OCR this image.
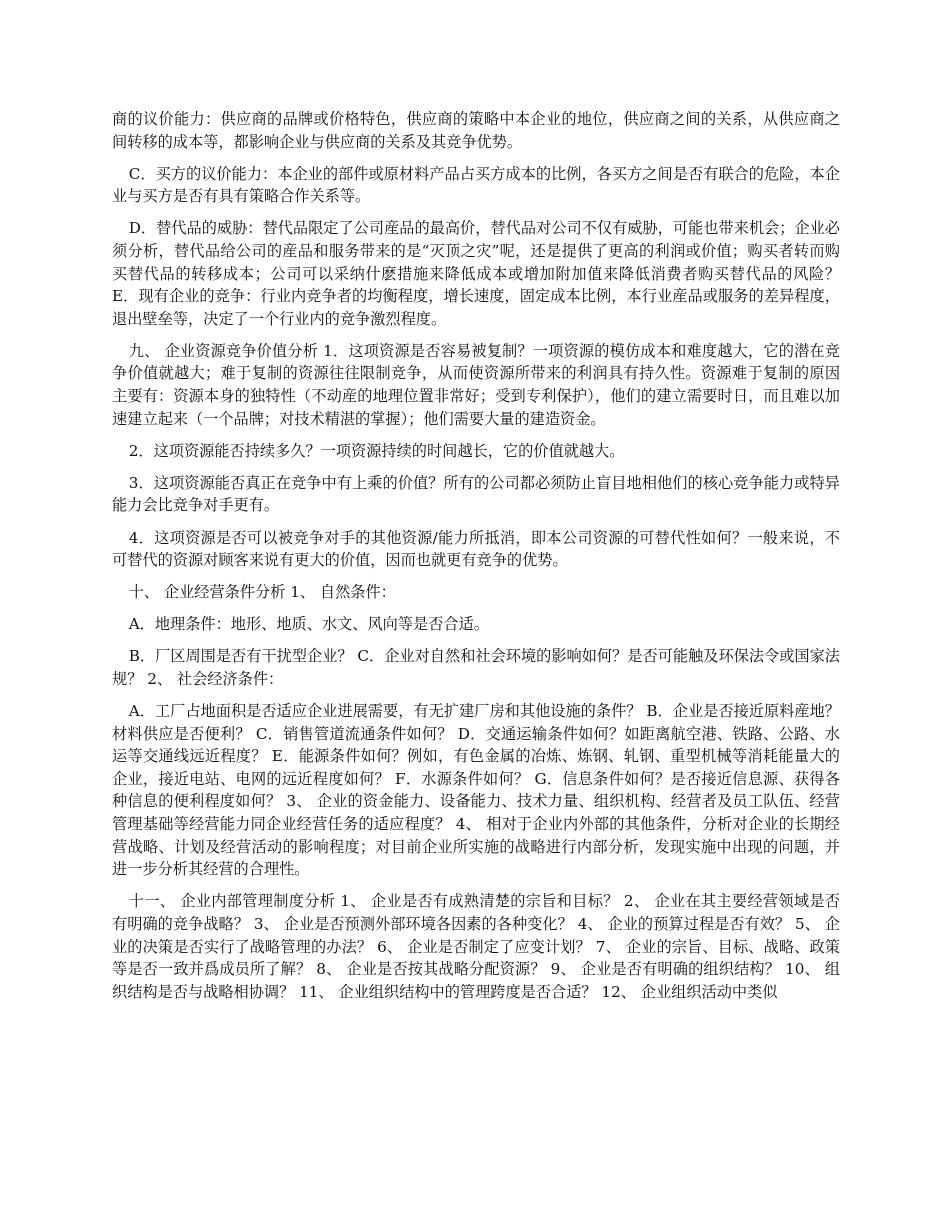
商的议价能力：供应商的品牌或价格特色，供应商的策略中本企业的地位，供应商之间的关系，从供应商之间转移的成本等，都影响企业与供应商的关系及其竞争优势。

C．买方的议价能力：本企业的部件或原材料产品占买方成本的比例，各买方之间是否有联合的危险，本企业与买方是否有具有策略合作关系等。

D．替代品的威胁：替代品限定了公司産品的最高价，替代品对公司不仅有威胁，可能也带来机会；企业必须分析，替代品给公司的産品和服务带来的是“灭顶之灾”呢，还是提供了更高的利润或价值；购买者转而购买替代品的转移成本；公司可以采纳什麽措施来降低成本或增加附加值来降低消费者购买替代品的风险？ E．现有企业的竞争：行业内竞争者的均衡程度，增长速度，固定成本比例，本行业産品或服务的差异程度，退出壁垒等，决定了一个行业内的竞争激烈程度。

九、 企业资源竞争价值分析 1．这项资源是否容易被复制？一项资源的模仿成本和难度越大，它的潜在竞争价值就越大；难于复制的资源往往限制竞争，从而使资源所带来的利润具有持久性。资源难于复制的原因主要有：资源本身的独特性（不动産的地理位置非常好；受到专利保护），他们的建立需要时日，而且难以加速建立起来（一个品牌；对技术精湛的掌握）；他们需要大量的建造资金。

2．这项资源能否持续多久？一项资源持续的时间越长，它的价值就越大。

3．这项资源能否真正在竞争中有上乘的价值？所有的公司都必须防止盲目地相他们的核心竞争能力或特异能力会比竞争对手更有。

4．这项资源是否可以被竞争对手的其他资源/能力所抵消，即本公司资源的可替代性如何？一般来说，不可替代的资源对顾客来说有更大的价值，因而也就更有竞争的优势。

十、 企业经营条件分析 1、 自然条件：

A．地理条件：地形、地质、水文、风向等是否合适。

B．厂区周围是否有干扰型企业？ C．企业对自然和社会环境的影响如何？是否可能触及环保法令或国家法规？ 2、 社会经济条件：

A．工厂占地面积是否适应企业进展需要，有无扩建厂房和其他设施的条件？ B．企业是否接近原料産地？材料供应是否便利？ C．销售管道流通条件如何？ D．交通运输条件如何？如距离航空港、铁路、公路、水运等交通线远近程度？ E．能源条件如何？例如，有色金属的冶炼、炼钢、轧钢、重型机械等消耗能量大的企业，接近电站、电网的远近程度如何？ F．水源条件如何？ G．信息条件如何？是否接近信息源、获得各种信息的便利程度如何？ 3、 企业的资金能力、设备能力、技术力量、组织机构、经营者及员工队伍、经营管理基础等经营能力同企业经营任务的适应程度？ 4、 相对于企业内外部的其他条件，分析对企业的长期经营战略、计划及经营活动的影响程度；对目前企业所实施的战略进行内部分析，发现实施中出现的问题，并进一步分析其经营的合理性。

十一、 企业内部管理制度分析 1、 企业是否有成熟清楚的宗旨和目标？ 2、 企业在其主要经营领域是否有明确的竞争战略？ 3、 企业是否预测外部环境各因素的各种变化？ 4、 企业的预算过程是否有效？ 5、 企业的决策是否实行了战略管理的办法？ 6、 企业是否制定了应变计划？ 7、 企业的宗旨、目标、战略、政策等是否一致并爲成员所了解？ 8、 企业是否按其战略分配资源？ 9、 企业是否有明确的组织结构？ 10、 组织结构是否与战略相协调？ 11、 企业组织结构中的管理跨度是否合适？ 12、 企业组织活动中类似
